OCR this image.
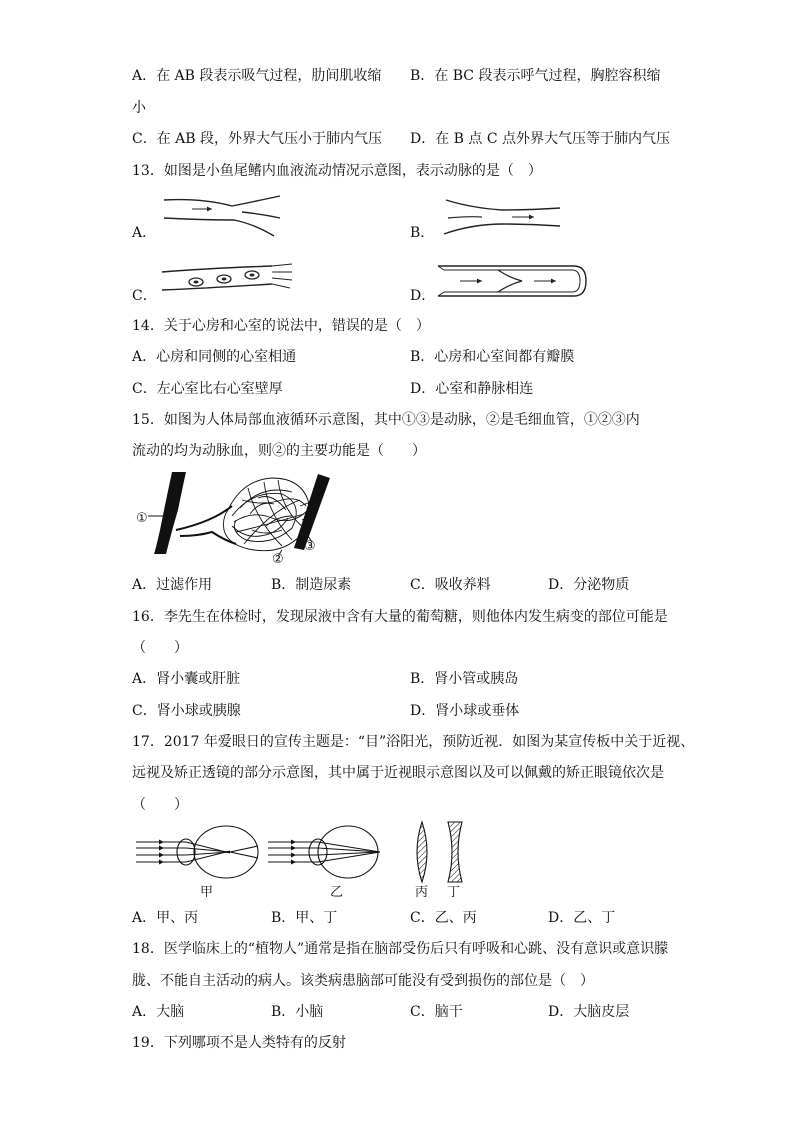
A．在 AB 段表示吸气过程，肋间肌收缩 B．在 BC 段表示呼气过程，胸腔容积缩
小
C．在 AB 段，外界大气压小于肺内气压 D．在 B 点 C 点外界大气压等于肺内气压
13．如图是小鱼尾鳍内血液流动情况示意图，表示动脉的是（　）
A．	B．
C．	D．
14．关于心房和心室的说法中，错误的是（　）
A．心房和同侧的心室相通	B．心房和心室间都有瓣膜
C．左心室比右心室壁厚	D．心室和静脉相连
15．如图为人体局部血液循环示意图，其中①③是动脉，②是毛细血管，①②③内
流动的均为动脉血，则②的主要功能是（　　）
①
②
③
A．过滤作用	B．制造尿素	C．吸收养料	D．分泌物质
16．李先生在体检时，发现尿液中含有大量的葡萄糖，则他体内发生病变的部位可能是
（　　）
A．肾小囊或肝脏	B．肾小管或胰岛
C．肾小球或胰腺	D．肾小球或垂体
17．2017 年爱眼日的宣传主题是：“目”浴阳光，预防近视．如图为某宣传板中关于近视、
远视及矫正透镜的部分示意图，其中属于近视眼示意图以及可以佩戴的矫正眼镜依次是
（　　）
甲	乙	丙 丁
A．甲、丙	B．甲、丁	C．乙、丙	D．乙、丁
18．医学临床上的“植物人”通常是指在脑部受伤后只有呼吸和心跳、没有意识或意识朦
胧、不能自主活动的病人。该类病患脑部可能没有受到损伤的部位是（　）
A．大脑	B．小脑	C．脑干	D．大脑皮层
19．下列哪项不是人类特有的反射
